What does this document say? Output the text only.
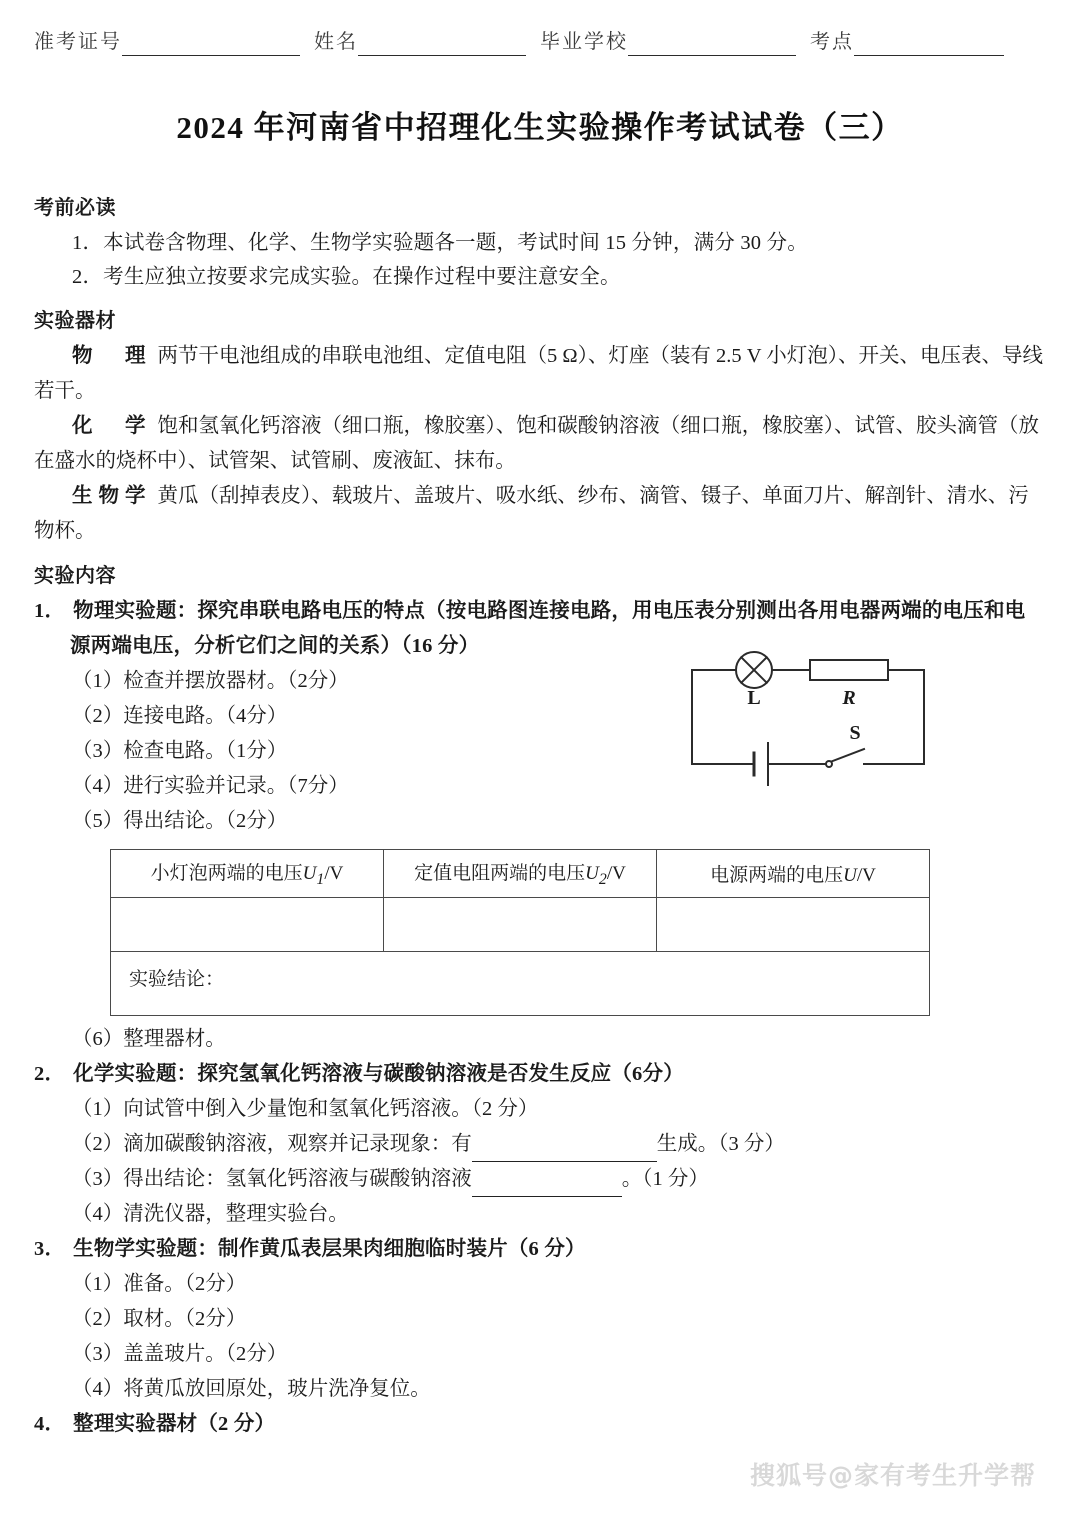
准考证号	姓名	毕业学校	考点
2024 年河南省中招理化生实验操作考试试卷（三）
考前必读
1．本试卷含物理、化学、生物学实验题各一题，考试时间 15 分钟，满分 30 分。
2．考生应独立按要求完成实验。在操作过程中要注意安全。
实验器材
物　理 两节干电池组成的串联电池组、定值电阻（5 Ω）、灯座（装有 2.5 V 小灯泡）、开关、电压表、导线若干。
化　学 饱和氢氧化钙溶液（细口瓶，橡胶塞）、饱和碳酸钠溶液（细口瓶，橡胶塞）、试管、胶头滴管（放在盛水的烧杯中）、试管架、试管刷、废液缸、抹布。
生物学 黄瓜（刮掉表皮）、载玻片、盖玻片、吸水纸、纱布、滴管、镊子、单面刀片、解剖针、清水、污物杯。
实验内容
1． 物理实验题：探究串联电路电压的特点（按电路图连接电路，用电压表分别测出各用电器两端的电压和电源两端电压，分析它们之间的关系）（16 分）
（1）检查并摆放器材。（2分）
（2）连接电路。（4分）
（3）检查电路。（1分）
（4）进行实验并记录。（7分）
（5）得出结论。（2分）
L	R
S
小灯泡两端的电压$U_1/V$	定值电阻两端的电压$U_2/V$	电源两端的电压U/V

实验结论：		
（6）整理器材。
2． 化学实验题：探究氢氧化钙溶液与碳酸钠溶液是否发生反应（6分）
（1）向试管中倒入少量饱和氢氧化钙溶液。（2 分）
（2）滴加碳酸钠溶液，观察并记录现象：有	生成。（3 分）
（3）得出结论：氢氧化钙溶液与碳酸钠溶液	。（1 分）
（4）清洗仪器，整理实验台。
3． 生物学实验题：制作黄瓜表层果肉细胞临时装片（6 分）
（1）准备。（2分）
（2）取材。（2分）
（3）盖盖玻片。（2分）
（4）将黄瓜放回原处，玻片洗净复位。
4． 整理实验器材（2 分）
搜狐号@家有考生升学帮
